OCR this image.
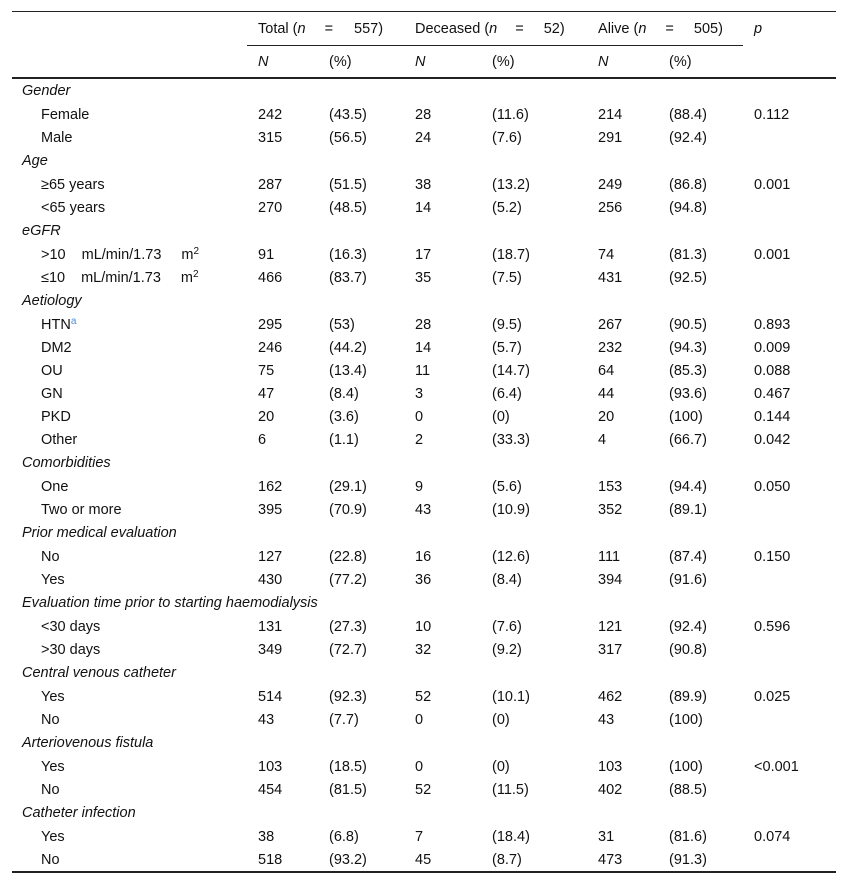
	Total ( n = 557)		Deceased ( n = 52)		Alive ( n = 505)		p
	N	(%)	N	(%)	N	(%)	
Gender							
Female	242	(43.5)	28	(11.6)	214	(88.4)	0.112
Male	315	(56.5)	24	(7.6)	291	(92.4)	
Age							
≥65 years	287	(51.5)	38	(13.2)	249	(86.8)	0.001
<65 years	270	(48.5)	14	(5.2)	256	(94.8)	
eGFR							
>10 mL/min/1.73 $m^2$	91	(16.3)	17	(18.7)	74	(81.3)	0.001
≤10 mL/min/1.73 $m^2$	466	(83.7)	35	(7.5)	431	(92.5)	
Aetiology							
HTN$^a$	295	(53)	28	(9.5)	267	(90.5)	0.893
DM2	246	(44.2)	14	(5.7)	232	(94.3)	0.009
OU	75	(13.4)	11	(14.7)	64	(85.3)	0.088
GN	47	(8.4)	3	(6.4)	44	(93.6)	0.467
PKD	20	(3.6)	0	(0)	20	(100)	0.144
Other	6	(1.1)	2	(33.3)	4	(66.7)	0.042
Comorbidities							
One	162	(29.1)	9	(5.6)	153	(94.4)	0.050
Two or more	395	(70.9)	43	(10.9)	352	(89.1)	
Prior medical evaluation							
No	127	(22.8)	16	(12.6)	111	(87.4)	0.150
Yes	430	(77.2)	36	(8.4)	394	(91.6)	
Evaluation time prior to starting haemodialysis							
<30 days	131	(27.3)	10	(7.6)	121	(92.4)	0.596
>30 days	349	(72.7)	32	(9.2)	317	(90.8)	
Central venous catheter							
Yes	514	(92.3)	52	(10.1)	462	(89.9)	0.025
No	43	(7.7)	0	(0)	43	(100)	
Arteriovenous fistula							
Yes	103	(18.5)	0	(0)	103	(100)	<0.001
No	454	(81.5)	52	(11.5)	402	(88.5)	
Catheter infection							
Yes	38	(6.8)	7	(18.4)	31	(81.6)	0.074
No	518	(93.2)	45	(8.7)	473	(91.3)	
